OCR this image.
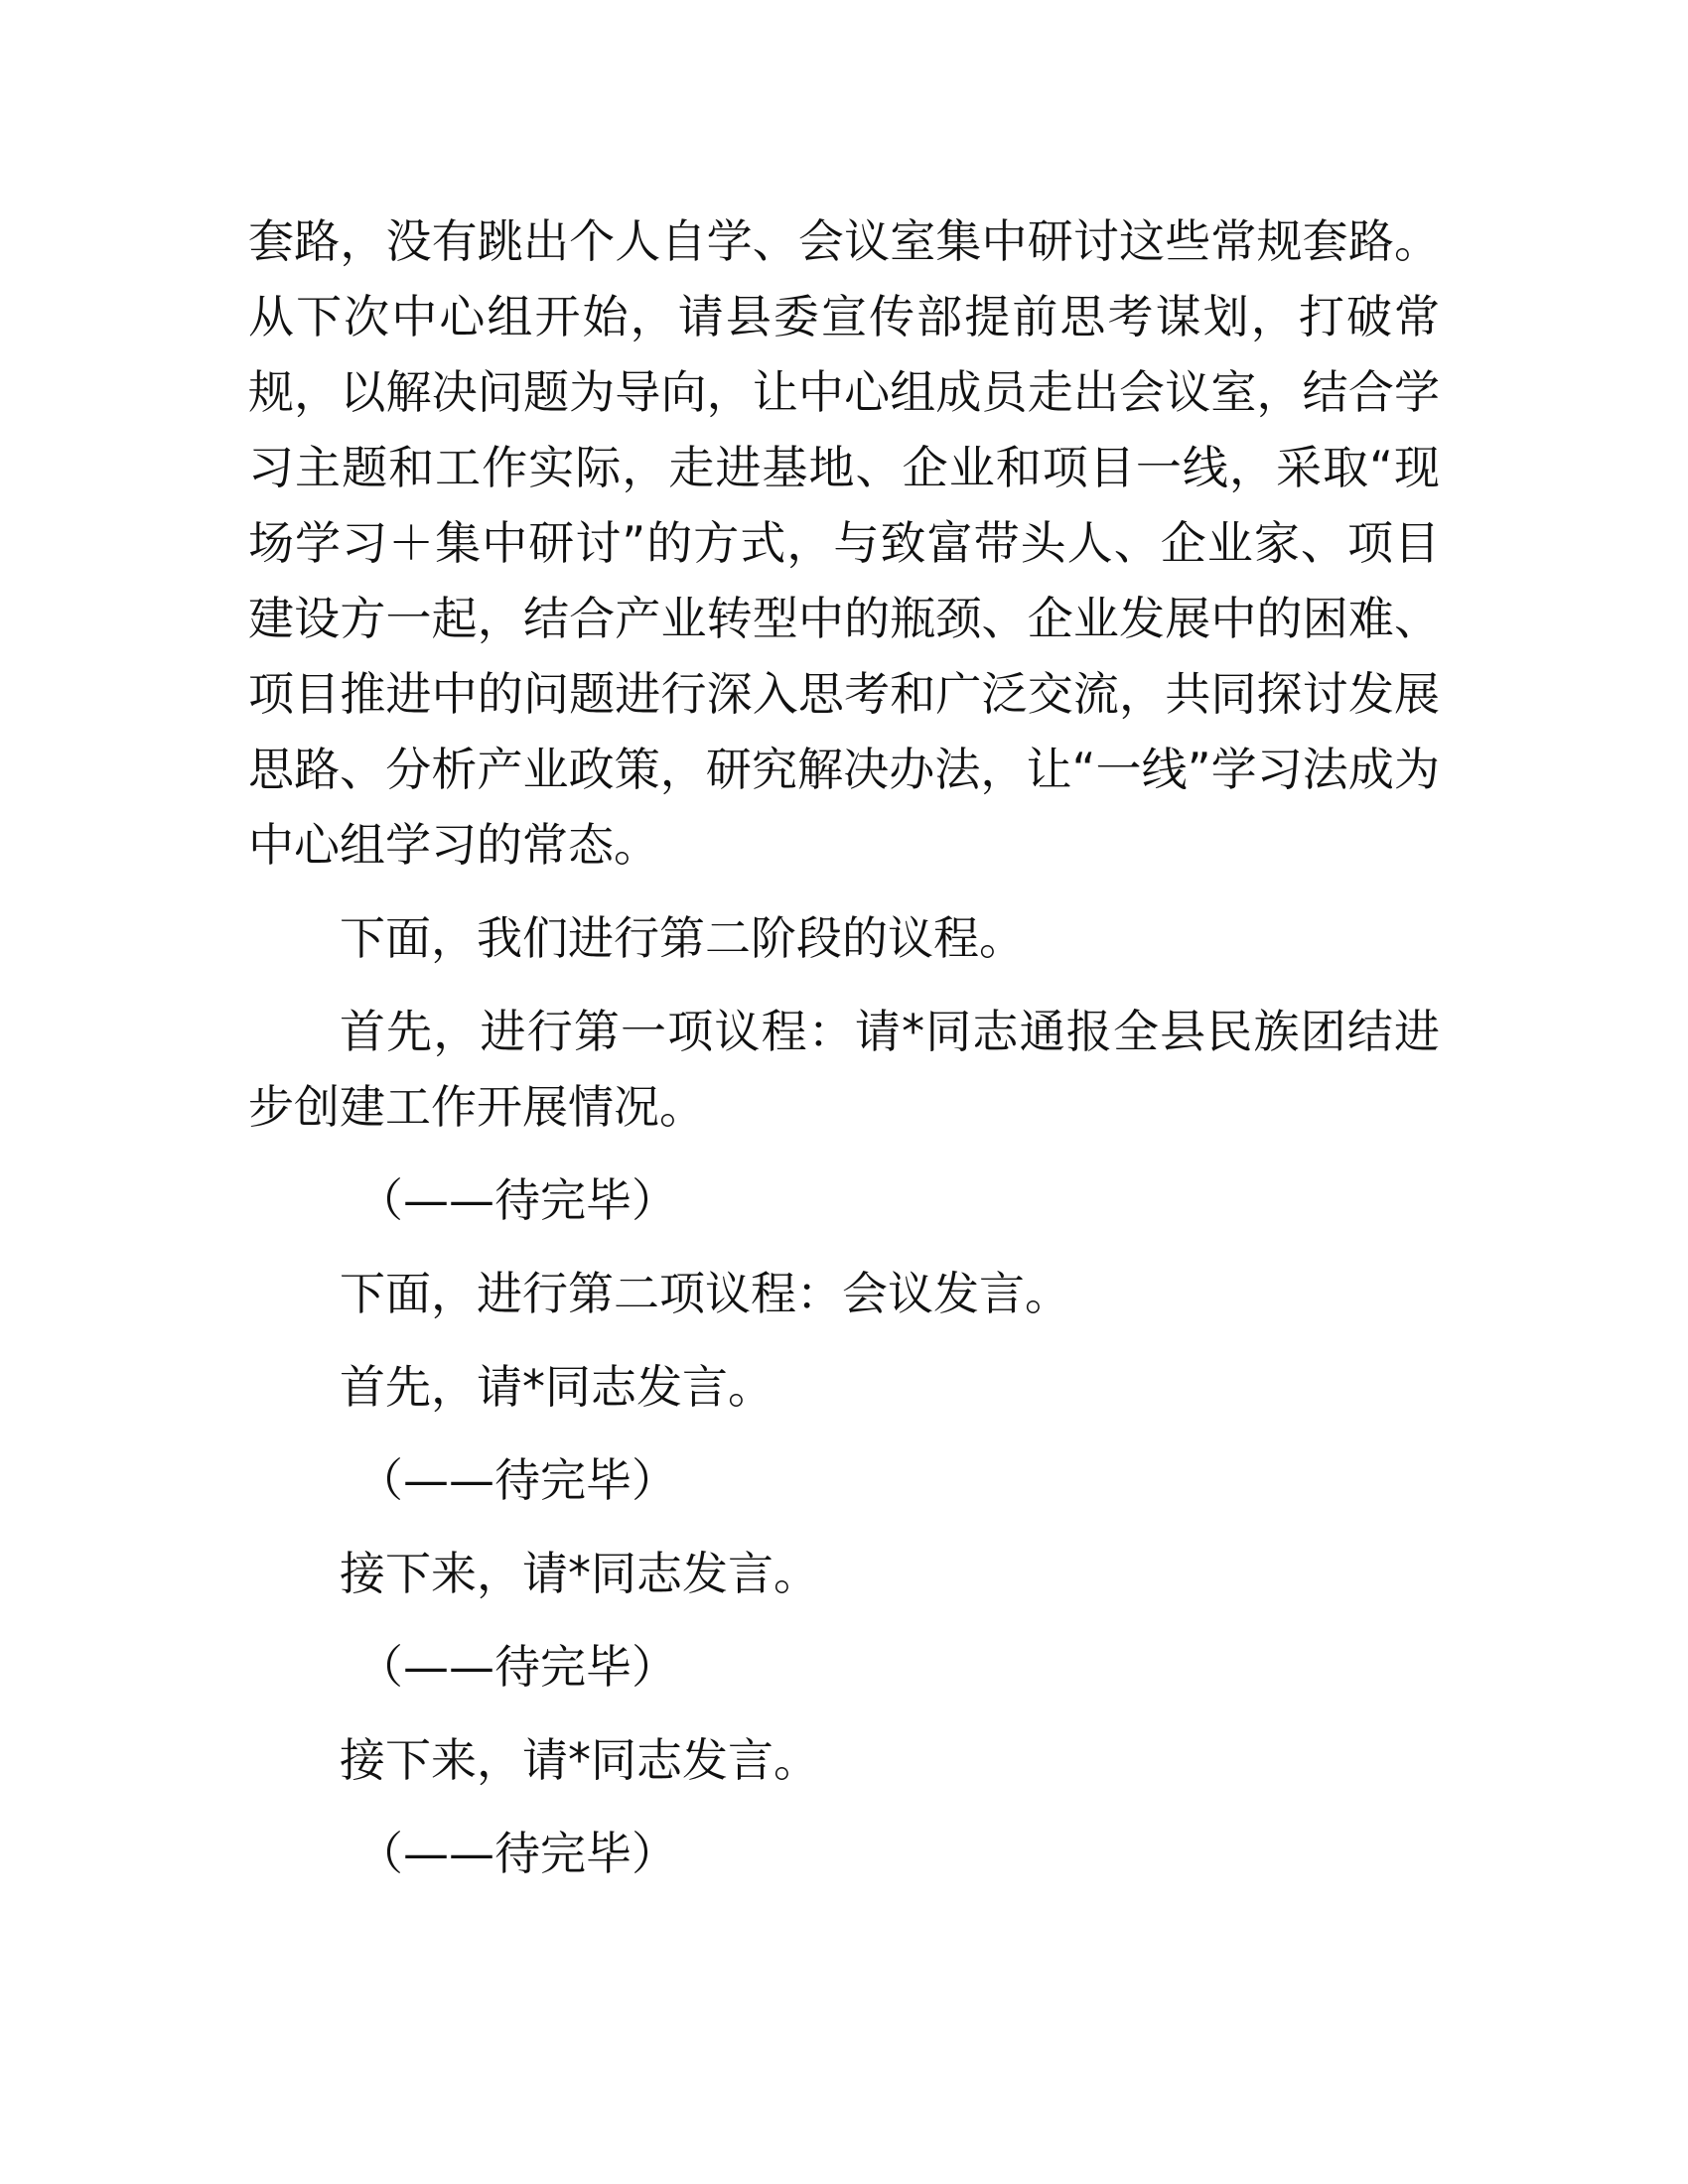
套路，没有跳出个人自学、会议室集中研讨这些常规套路。从下次中心组开始，请县委宣传部提前思考谋划，打破常规，以解决问题为导向，让中心组成员走出会议室，结合学习主题和工作实际，走进基地、企业和项目一线，采取“现场学习＋集中研讨”的方式，与致富带头人、企业家、项目建设方一起，结合产业转型中的瓶颈、企业发展中的困难、项目推进中的问题进行深入思考和广泛交流，共同探讨发展思路、分析产业政策，研究解决办法，让“一线”学习法成为中心组学习的常态。

下面，我们进行第二阶段的议程。

首先，进行第一项议程：请*同志通报全县民族团结进步创建工作开展情况。

（——待完毕）

下面，进行第二项议程：会议发言。

首先，请*同志发言。

（——待完毕）

接下来，请*同志发言。

（——待完毕）

接下来，请*同志发言。

（——待完毕）
